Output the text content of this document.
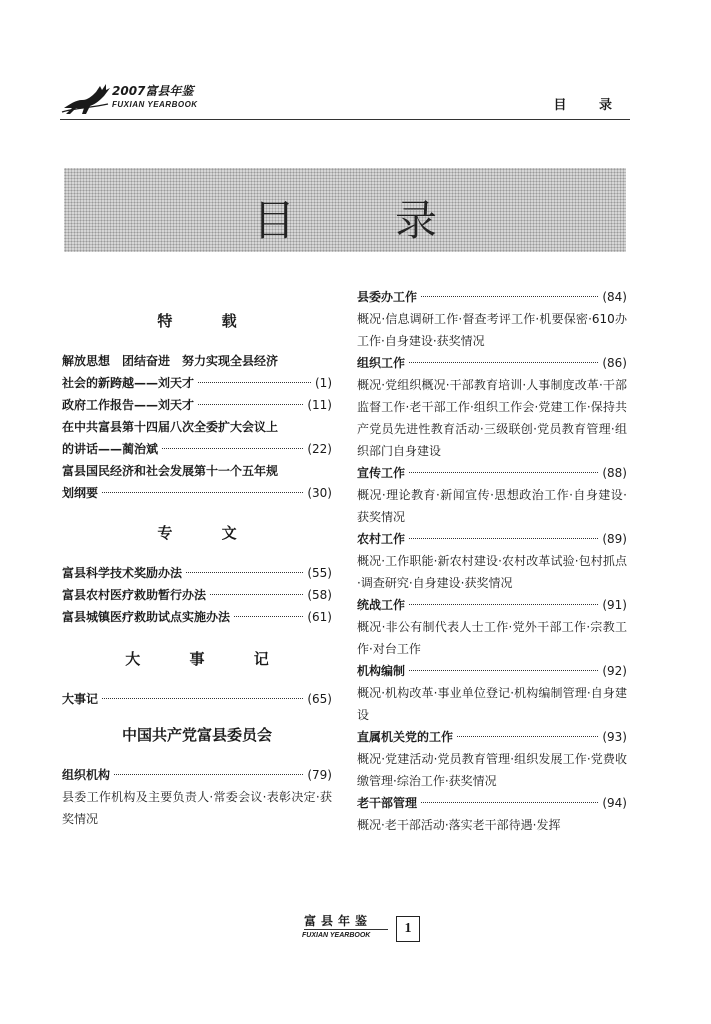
2007富县年鉴
FUXIAN YEARBOOK	目 录
目录
特 载
解放思想　团结奋进　努力实现全县经济
社会的新跨越——刘天才	(1)
政府工作报告——刘天才	(11)
在中共富县第十四届八次全委扩大会议上
的讲话——蔺治斌	(22)
富县国民经济和社会发展第十一个五年规
划纲要	(30)
专 文
富县科学技术奖励办法	(55)
富县农村医疗救助暂行办法	(58)
富县城镇医疗救助试点实施办法	(61)
大 事 记
大事记	(65)
中国共产党富县委员会
组织机构	(79)
县委工作机构及主要负责人·常委会议·表彰决定·获奖情况
县委办工作	(84)
概况·信息调研工作·督查考评工作·机要保密·610办工作·自身建设·获奖情况
组织工作	(86)
概况·党组织概况·干部教育培训·人事制度改革·干部监督工作·老干部工作·组织工作会·党建工作·保持共产党员先进性教育活动·三级联创·党员教育管理·组织部门自身建设
宣传工作	(88)
概况·理论教育·新闻宣传·思想政治工作·自身建设·获奖情况
农村工作	(89)
概况·工作职能·新农村建设·农村改革试验·包村抓点·调查研究·自身建设·获奖情况
统战工作	(91)
概况·非公有制代表人士工作·党外干部工作·宗教工作·对台工作
机构编制	(92)
概况·机构改革·事业单位登记·机构编制管理·自身建设
直属机关党的工作	(93)
概况·党建活动·党员教育管理·组织发展工作·党费收缴管理·综治工作·获奖情况
老干部管理	(94)
概况·老干部活动·落实老干部待遇·发挥
富县年鉴
FUXIAN YEARBOOK	1
